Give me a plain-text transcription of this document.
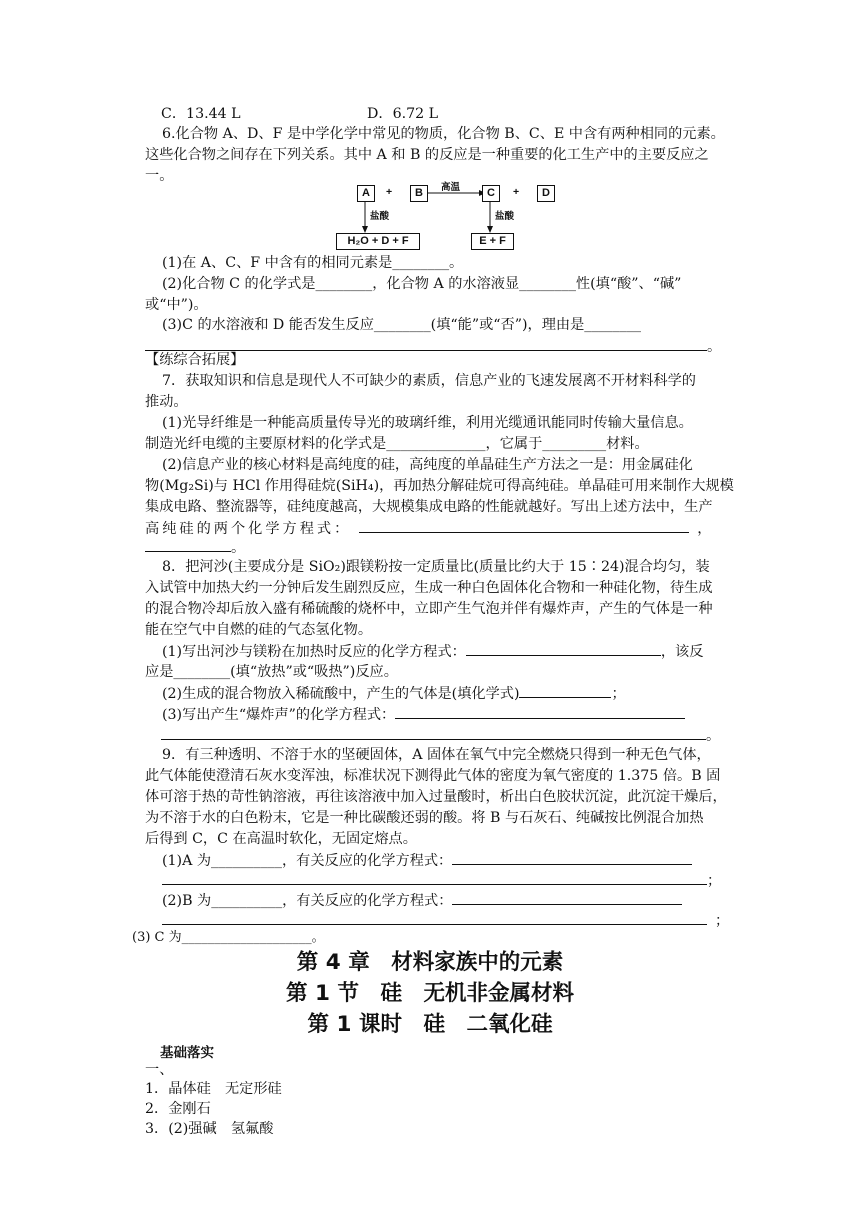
C．13.44 L	D．6.72 L
6.化合物 A、D、F 是中学化学中常见的物质，化合物 B、C、E 中含有两种相同的元素。
这些化合物之间存在下列关系。其中 A 和 B 的反应是一种重要的化工生产中的主要反应之
一。
A	+	B	高温	C	+	D
盐酸	盐酸
H₂O + D + F	E + F
(1)在 A、C、F 中含有的相同元素是________。
(2)化合物 C 的化学式是________，化合物 A 的水溶液显________性(填“酸”、“碱”
或“中”)。
(3)C 的水溶液和 D 能否发生反应________(填“能”或“否”)，理由是________
。
【练综合拓展】
7．获取知识和信息是现代人不可缺少的素质，信息产业的飞速发展离不开材料科学的
推动。
(1)光导纤维是一种能高质量传导光的玻璃纤维，利用光缆通讯能同时传输大量信息。
制造光纤电缆的主要原材料的化学式是______________，它属于_________材料。
(2)信息产业的核心材料是高纯度的硅，高纯度的单晶硅生产方法之一是：用金属硅化
物(Mg₂Si)与 HCl 作用得硅烷(SiH₄)，再加热分解硅烷可得高纯硅。单晶硅可用来制作大规模
集成电路、整流器等，硅纯度越高，大规模集成电路的性能就越好。写出上述方法中，生产
高纯硅的两个化学方程式：	，
。
8．把河沙(主要成分是 SiO₂)跟镁粉按一定质量比(质量比约大于 15∶24)混合均匀，装
入试管中加热大约一分钟后发生剧烈反应，生成一种白色固体化合物和一种硅化物，待生成
的混合物冷却后放入盛有稀硫酸的烧杯中，立即产生气泡并伴有爆炸声，产生的气体是一种
能在空气中自燃的硅的气态氢化物。
(1)写出河沙与镁粉在加热时反应的化学方程式：	，该反
应是________(填“放热”或“吸热”)反应。
(2)生成的混合物放入稀硫酸中，产生的气体是(填化学式)	；
(3)写出产生“爆炸声”的化学方程式：
。
9．有三种透明、不溶于水的坚硬固体，A 固体在氧气中完全燃烧只得到一种无色气体，
此气体能使澄清石灰水变浑浊，标准状况下测得此气体的密度为氧气密度的 1.375 倍。B 固
体可溶于热的苛性钠溶液，再往该溶液中加入过量酸时，析出白色胶状沉淀，此沉淀干燥后，
为不溶于水的白色粉末，它是一种比碳酸还弱的酸。将 B 与石灰石、纯碱按比例混合加热
后得到 C，C 在高温时软化，无固定熔点。
(1)A 为__________，有关反应的化学方程式：
；
(2)B 为__________，有关反应的化学方程式：
；
(3) C 为____________________。
第 4 章　材料家族中的元素
第 1 节　硅　无机非金属材料
第 1 课时　硅　二氧化硅
基础落实
一、
1．晶体硅　无定形硅
2．金刚石
3．(2)强碱　氢氟酸
